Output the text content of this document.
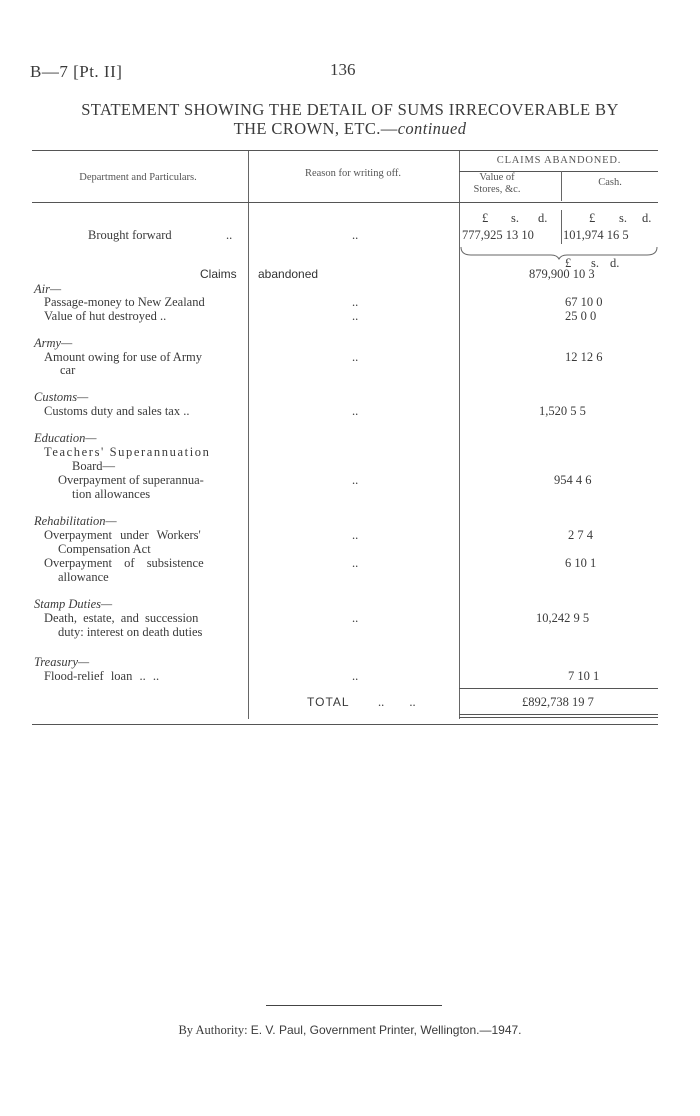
B—7 [Pt. II]	136
STATEMENT SHOWING THE DETAIL OF SUMS IRRECOVERABLE BY
THE CROWN, ETC.—continued
Department and Particulars.	Reason for writing off.
CLAIMS ABANDONED.
Value of
Stores, &c.
Cash.
£ s. d.	£ s. d.
Brought forward	..	..	777,925 13 10 101,974 16 5
£ s. d.
Claims abandoned	879,900 10 3
Air—
Passage-money to New Zealand	..	67 10 0
Value of hut destroyed ..	..	25 0 0
Army—
Amount owing for use of Army
car
..	12 12 6
Customs—
Customs duty and sales tax ..	..	1,520 5 5
Education—
Teachers' Superannuation
Board—
Overpayment of superannua-
tion allowances
..	954 4 6
Rehabilitation—
Overpayment under Workers'
Compensation Act
..	2 7 4
Overpayment of subsistence
allowance
..	6 10 1
Stamp Duties—
Death, estate, and succession
duty: interest on death duties
..	10,242 9 5
Treasury—
Flood-relief loan .. ..	..	7 10 1
TOTAL .. ..	£892,738 19 7
By Authority: E. V. Paul, Government Printer, Wellington.—1947.
